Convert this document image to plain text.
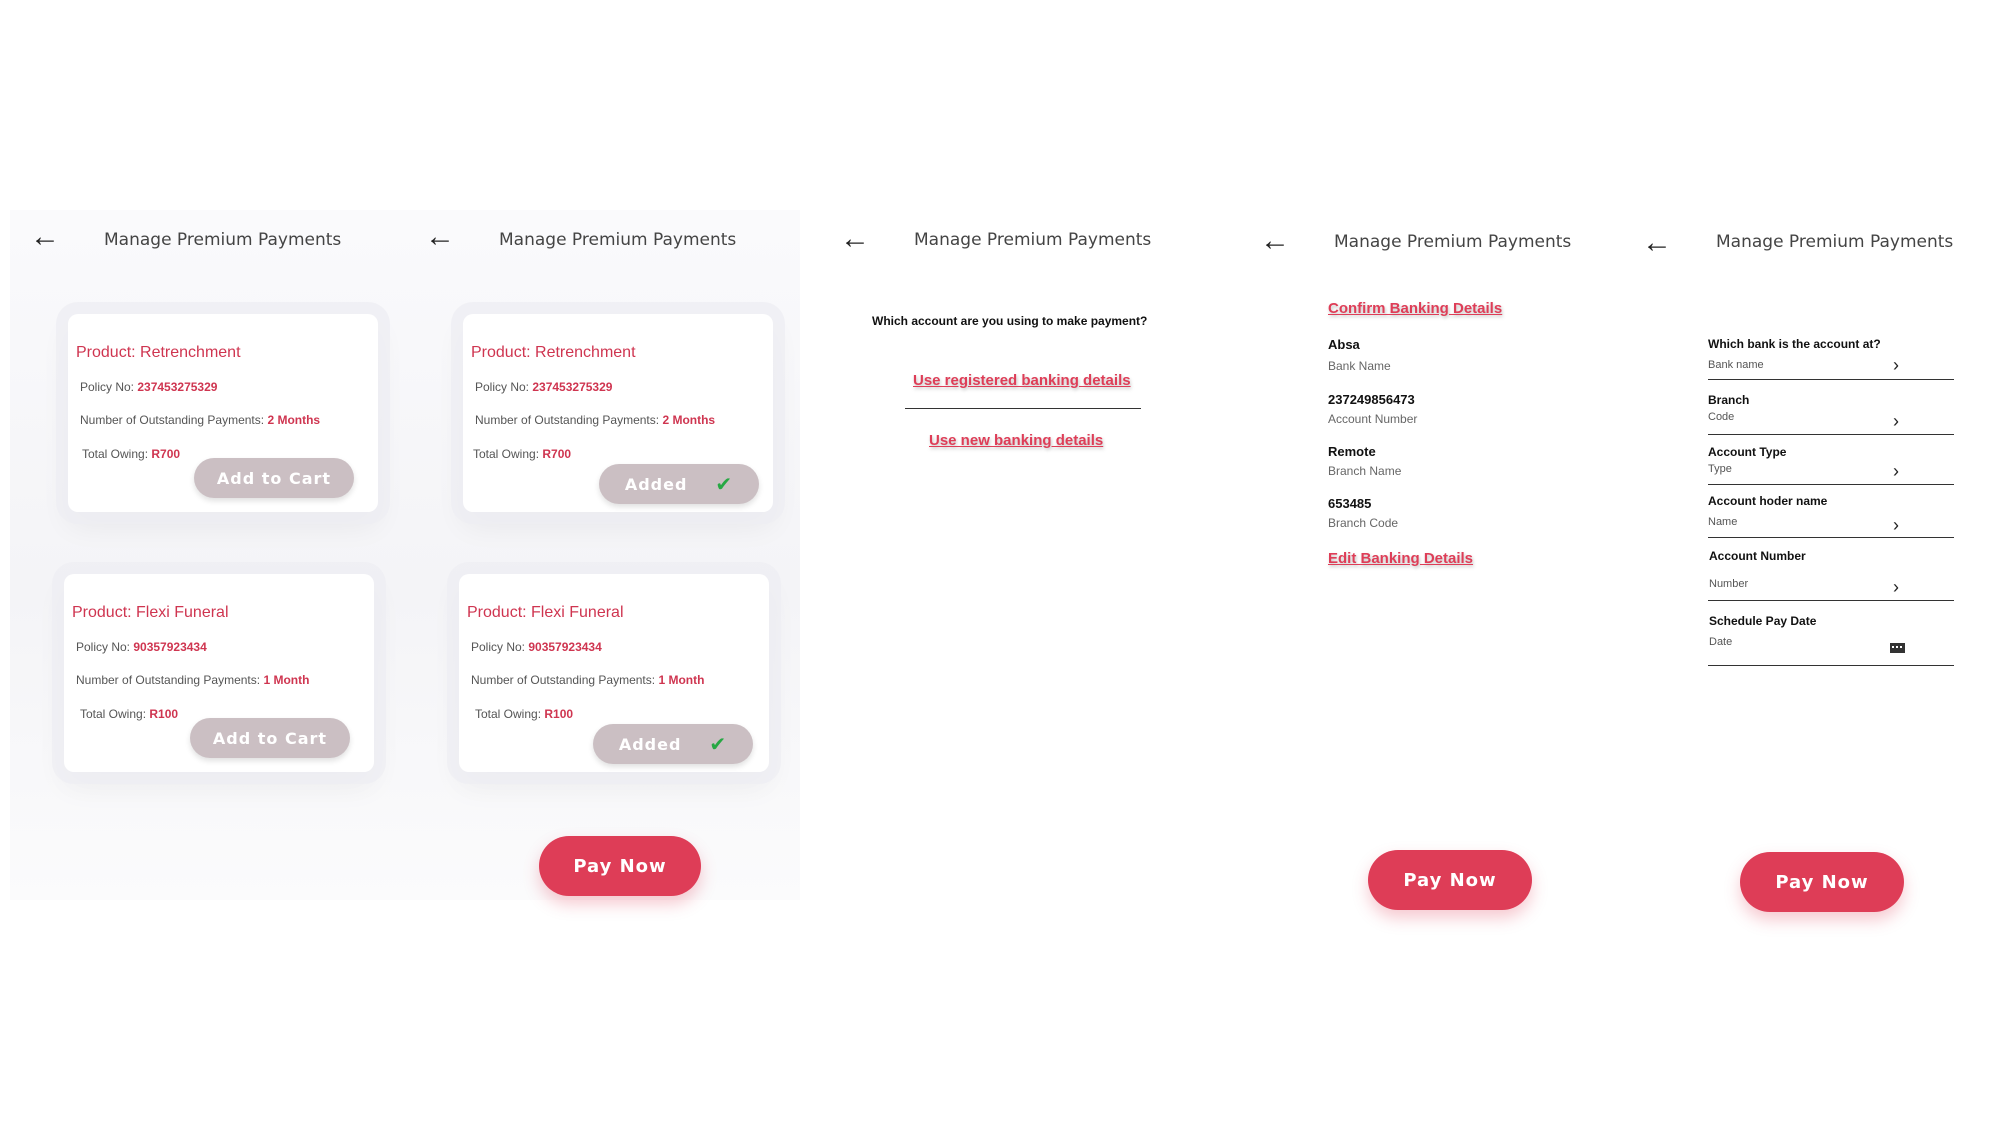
←	Manage Premium Payments
Product: Retrenchment
Policy No: 237453275329
Number of Outstanding Payments: 2 Months
Total Owing: R700
Add to Cart
Product: Flexi Funeral
Policy No: 90357923434
Number of Outstanding Payments: 1 Month
Total Owing: R100
Add to Cart
←	Manage Premium Payments
Product: Retrenchment
Policy No: 237453275329
Number of Outstanding Payments: 2 Months
Total Owing: R700
Added ✔
Product: Flexi Funeral
Policy No: 90357923434
Number of Outstanding Payments: 1 Month
Total Owing: R100
Added ✔
Pay Now
←	Manage Premium Payments
Which account are you using to make payment?
Use registered banking details
Use new banking details
←	Manage Premium Payments
Confirm Banking Details
Absa
Bank Name
237249856473
Account Number
Remote
Branch Name
653485
Branch Code
Edit Banking Details
Pay Now
←	Manage Premium Payments
Which bank is the account at?
Bank name	›
Branch
Code	›
Account Type
Type	›
Account hoder name
Name	›
Account Number
Number	›
Schedule Pay Date
Date
Pay Now
